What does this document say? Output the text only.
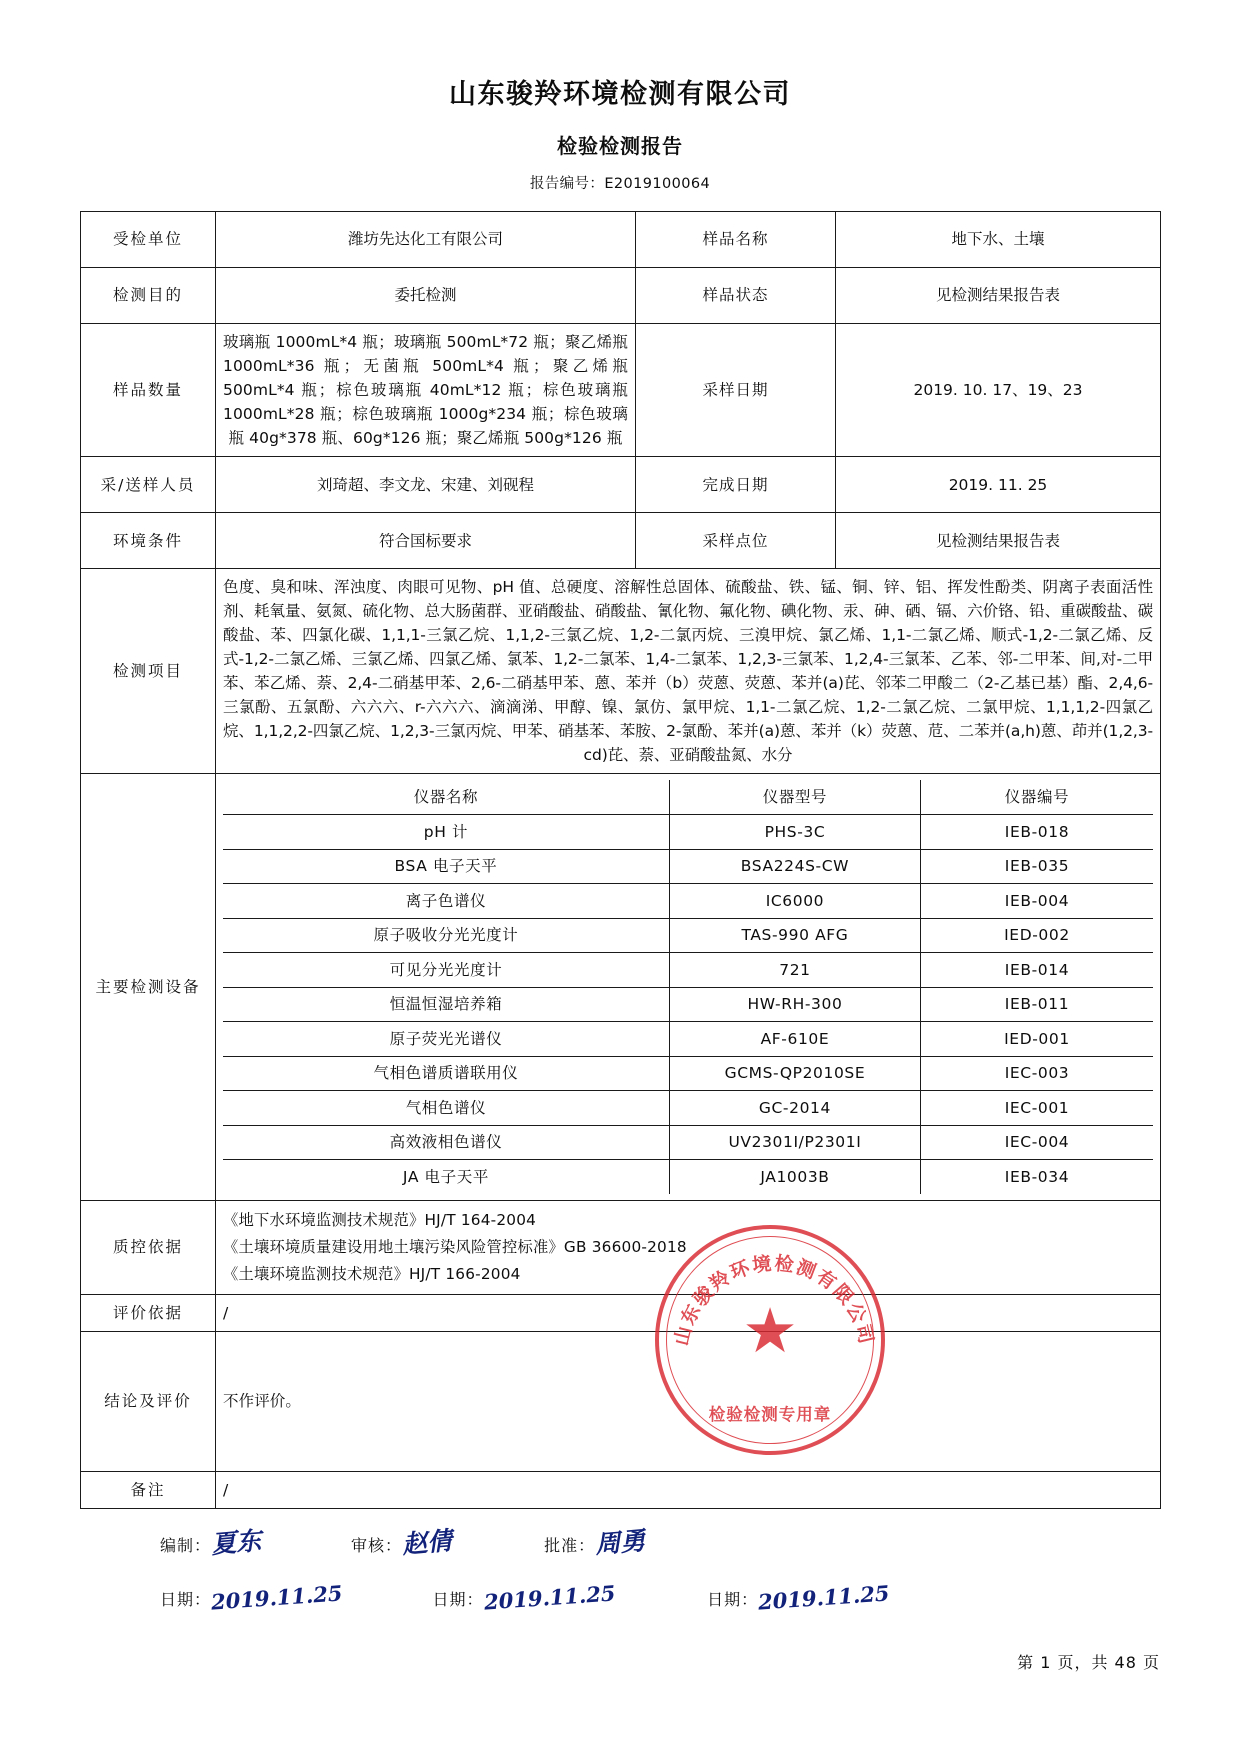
山东骏羚环境检测有限公司
检验检测报告
报告编号：E2019100064
受检单位	潍坊先达化工有限公司	样品名称	地下水、土壤
检测目的	委托检测	样品状态	见检测结果报告表
样品数量	玻璃瓶 1000mL*4 瓶；玻璃瓶 500mL*72 瓶；聚乙烯瓶 1000mL*36 瓶；无菌瓶 500mL*4 瓶；聚乙烯瓶 500mL*4 瓶；棕色玻璃瓶 40mL*12 瓶；棕色玻璃瓶 1000mL*28 瓶；棕色玻璃瓶 1000g*234 瓶；棕色玻璃瓶 40g*378 瓶、60g*126 瓶；聚乙烯瓶 500g*126 瓶	采样日期	2019. 10. 17、19、23
采/送样人员	刘琦超、李文龙、宋建、刘砚程	完成日期	2019. 11. 25
环境条件	符合国标要求	采样点位	见检测结果报告表
检测项目	色度、臭和味、浑浊度、肉眼可见物、pH 值、总硬度、溶解性总固体、硫酸盐、铁、锰、铜、锌、铝、挥发性酚类、阴离子表面活性剂、耗氧量、氨氮、硫化物、总大肠菌群、亚硝酸盐、硝酸盐、氰化物、氟化物、碘化物、汞、砷、硒、镉、六价铬、铅、重碳酸盐、碳酸盐、苯、四氯化碳、1,1,1-三氯乙烷、1,1,2-三氯乙烷、1,2-二氯丙烷、三溴甲烷、氯乙烯、1,1-二氯乙烯、顺式-1,2-二氯乙烯、反式-1,2-二氯乙烯、三氯乙烯、四氯乙烯、氯苯、1,2-二氯苯、1,4-二氯苯、1,2,3-三氯苯、1,2,4-三氯苯、乙苯、邻-二甲苯、间,对-二甲苯、苯乙烯、萘、2,4-二硝基甲苯、2,6-二硝基甲苯、蒽、苯并（b）荧蒽、荧蒽、苯并(a)芘、邻苯二甲酸二（2-乙基已基）酯、2,4,6-三氯酚、五氯酚、六六六、r-六六六、滴滴涕、甲醇、镍、氯仿、氯甲烷、1,1-二氯乙烷、1,2-二氯乙烷、二氯甲烷、1,1,1,2-四氯乙烷、1,1,2,2-四氯乙烷、1,2,3-三氯丙烷、甲苯、硝基苯、苯胺、2-氯酚、苯并(a)蒽、苯并（k）荧蒽、苊、二苯并(a,h)蒽、茚并(1,2,3-cd)芘、萘、亚硝酸盐氮、水分
主要检测设备	
仪器名称	仪器型号	仪器编号
pH 计	PHS-3C	IEB-018
BSA 电子天平	BSA224S-CW	IEB-035
离子色谱仪	IC6000	IEB-004
原子吸收分光光度计	TAS-990 AFG	IED-002
可见分光光度计	721	IEB-014
恒温恒湿培养箱	HW-RH-300	IEB-011
原子荧光光谱仪	AF-610E	IED-001
气相色谱质谱联用仪	GCMS-QP2010SE	IEC-003
气相色谱仪	GC-2014	IEC-001
高效液相色谱仪	UV2301I/P2301I	IEC-004
JA 电子天平	JA1003B	IEB-034

质控依据	
《地下水环境监测技术规范》HJ/T 164-2004
《土壤环境质量建设用地土壤污染风险管控标准》GB 36600-2018
《土壤环境监测技术规范》HJ/T 166-2004

评价依据	/
结论及评价	不作评价。
备注	/
山东骏羚环境检测有限公司
★
检验检测专用章
编制：
夏东	审核：
赵倩	批准：
周勇
日期： 2019.11.25	日期： 2019.11.25	日期： 2019.11.25
第 1 页，共 48 页
